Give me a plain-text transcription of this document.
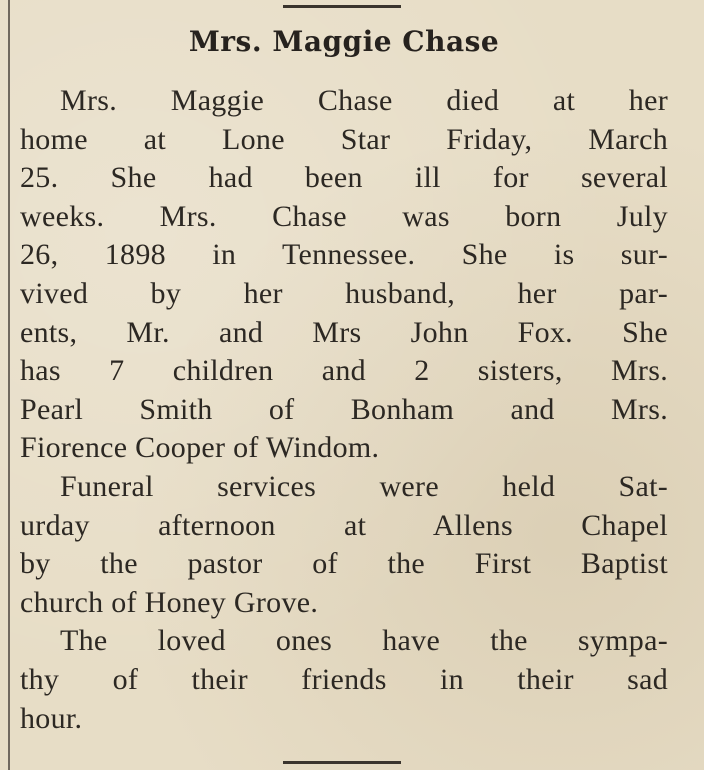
Mrs. Maggie Chase
Mrs. Maggie Chase died at her
home at Lone Star Friday, March
25. She had been ill for several
weeks. Mrs. Chase was born July
26, 1898 in Tennessee. She is sur-
vived by her husband, her par-
ents, Mr. and Mrs John Fox. She
has 7 children and 2 sisters, Mrs.
Pearl Smith of Bonham and Mrs.
Fiorence Cooper of Windom.
Funeral services were held Sat-
urday afternoon at Allens Chapel
by the pastor of the First Baptist
church of Honey Grove.
The loved ones have the sympa-
thy of their friends in their sad
hour.
